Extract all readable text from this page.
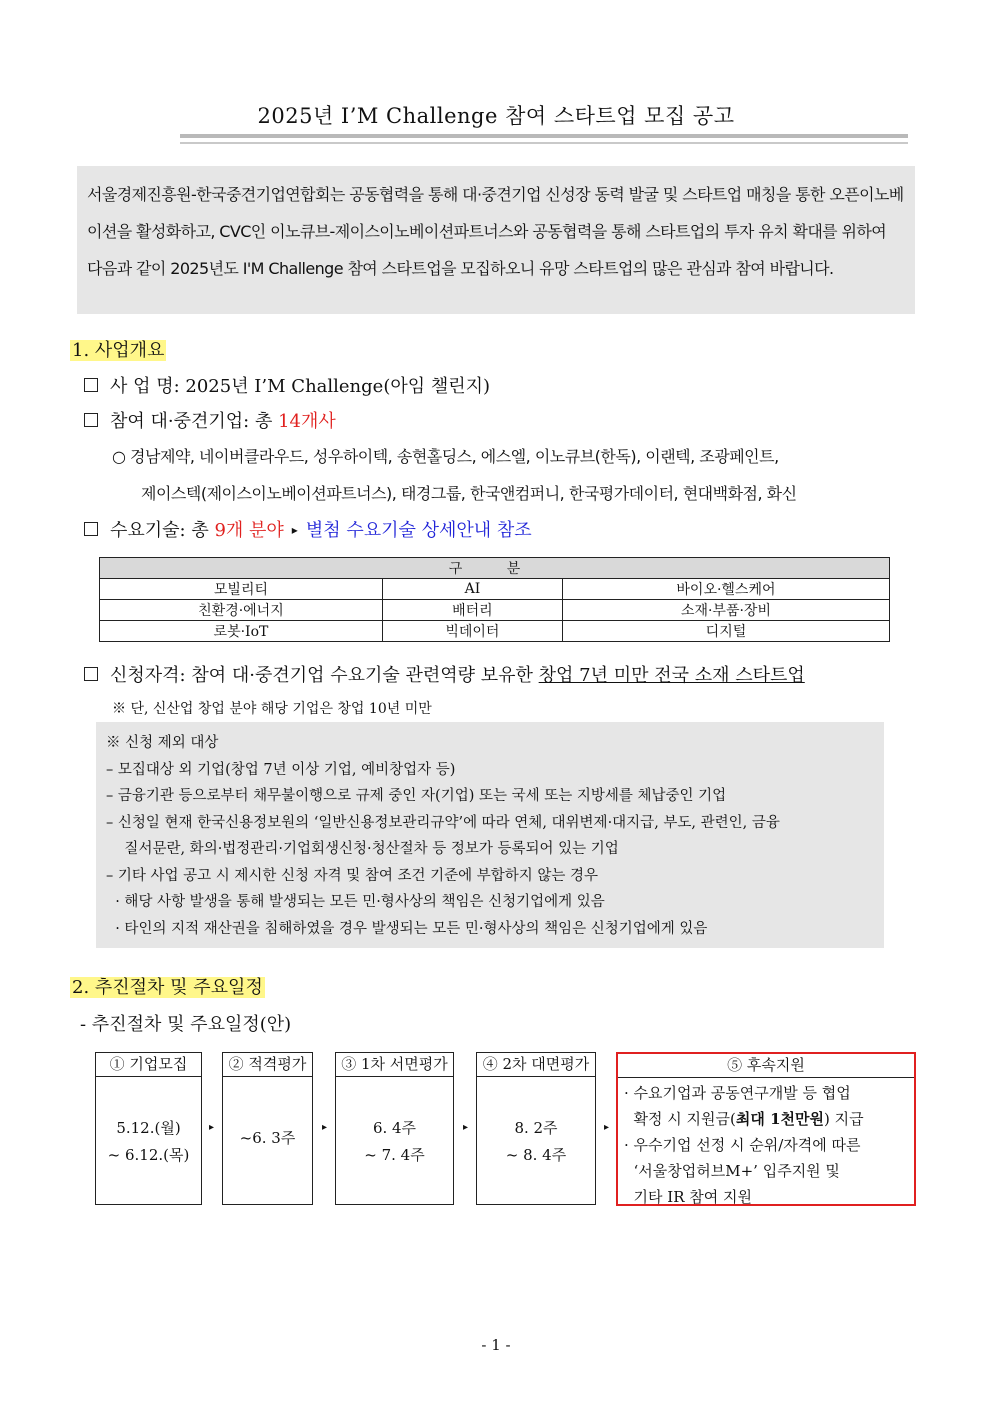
2025년 I’M Challenge 참여 스타트업 모집 공고
서울경제진흥원-한국중견기업연합회는 공동협력을 통해 대·중견기업 신성장 동력 발굴 및 스타트업 매칭을 통한 오픈이노베이션을 활성화하고, CVC인 이노큐브-제이스이노베이션파트너스와 공동협력을 통해 스타트업의 투자 유치 확대를 위하여 다음과 같이 2025년도 I'M Challenge 참여 스타트업을 모집하오니 유망 스타트업의 많은 관심과 참여 바랍니다.
1. 사업개요
사 업 명: 2025년 I’M Challenge(아임 챌린지)
참여 대·중견기업: 총 14개사
○ 경남제약, 네이버클라우드, 성우하이텍, 송현홀딩스, 에스엘, 이노큐브(한독), 이랜텍, 조광페인트,
제이스텍(제이스이노베이션파트너스), 태경그룹, 한국앤컴퍼니, 한국평가데이터, 현대백화점, 화신
수요기술: 총 9개 분야 ▸ 별첨 수요기술 상세안내 참조
구 분		
모빌리티	AI	바이오·헬스케어
친환경·에너지	배터리	소재·부품·장비
로봇·IoT	빅데이터	디지털
신청자격: 참여 대·중견기업 수요기술 관련역량 보유한 창업 7년 미만 전국 소재 스타트업
※ 단, 신산업 창업 분야 해당 기업은 창업 10년 미만
※ 신청 제외 대상
– 모집대상 외 기업(창업 7년 이상 기업, 예비창업자 등)
– 금융기관 등으로부터 채무불이행으로 규제 중인 자(기업) 또는 국세 또는 지방세를 체납중인 기업
– 신청일 현재 한국신용정보원의 ‘일반신용정보관리규약’에 따라 연체, 대위변제·대지급, 부도, 관련인, 금융
질서문란, 화의·법정관리·기업회생신청·청산절차 등 정보가 등록되어 있는 기업
– 기타 사업 공고 시 제시한 신청 자격 및 참여 조건 기준에 부합하지 않는 경우
· 해당 사항 발생을 통해 발생되는 모든 민·형사상의 책임은 신청기업에게 있음
· 타인의 지적 재산권을 침해하였을 경우 발생되는 모든 민·형사상의 책임은 신청기업에게 있음
2. 추진절차 및 주요일정
- 추진절차 및 주요일정(안)
① 기업모집
5.12.(월)
~ 6.12.(목)
▸
② 적격평가
~6. 3주
▸
③ 1차 서면평가
6. 4주
~ 7. 4주
▸
④ 2차 대면평가
8. 2주
~ 8. 4주
▸
⑤ 후속지원
· 수요기업과 공동연구개발 등 협업
확정 시 지원금(최대 1천만원) 지급
· 우수기업 선정 시 순위/자격에 따른
‘서울창업허브M+’ 입주지원 및
기타 IR 참여 지원
- 1 -
